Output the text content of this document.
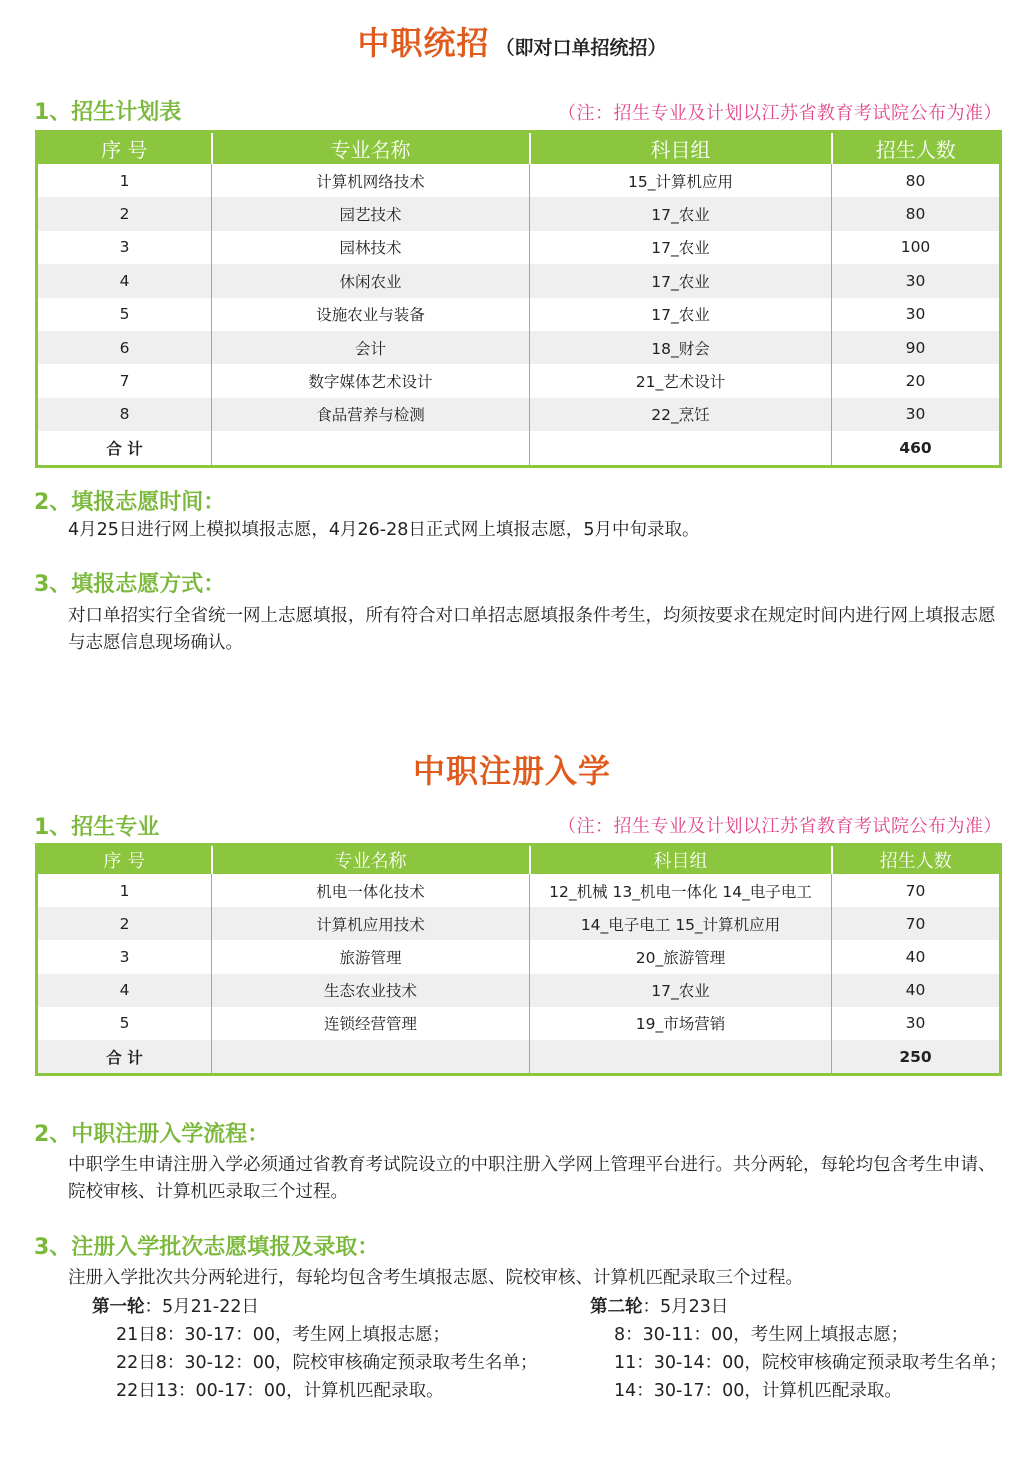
中职统招 （即对口单招统招）
1、招生计划表	（注：招生专业及计划以江苏省教育考试院公布为准）
序 号	专业名称	科目组	招生人数
1	计算机网络技术	15_计算机应用	80
2	园艺技术	17_农业	80
3	园林技术	17_农业	100
4	休闲农业	17_农业	30
5	设施农业与装备	17_农业	30
6	会计	18_财会	90
7	数字媒体艺术设计	21_艺术设计	20
8	食品营养与检测	22_烹饪	30
合 计			460
2、填报志愿时间：
4月25日进行网上模拟填报志愿，4月26-28日正式网上填报志愿，5月中旬录取。
3、填报志愿方式：
对口单招实行全省统一网上志愿填报，所有符合对口单招志愿填报条件考生，均须按要求在规定时间内进行网上填报志愿与志愿信息现场确认。
中职注册入学
1、招生专业	（注：招生专业及计划以江苏省教育考试院公布为准）
序 号	专业名称	科目组	招生人数
1	机电一体化技术	12_机械 13_机电一体化 14_电子电工	70
2	计算机应用技术	14_电子电工 15_计算机应用	70
3	旅游管理	20_旅游管理	40
4	生态农业技术	17_农业	40
5	连锁经营管理	19_市场营销	30
合 计			250
2、中职注册入学流程：
中职学生申请注册入学必须通过省教育考试院设立的中职注册入学网上管理平台进行。共分两轮，每轮均包含考生申请、院校审核、计算机匹录取三个过程。
3、注册入学批次志愿填报及录取：
注册入学批次共分两轮进行，每轮均包含考生填报志愿、院校审核、计算机匹配录取三个过程。
第一轮：5月21-22日
21日8：30-17：00，考生网上填报志愿；
22日8：30-12：00，院校审核确定预录取考生名单；
22日13：00-17：00，计算机匹配录取。
第二轮：5月23日
8：30-11：00，考生网上填报志愿；
11：30-14：00，院校审核确定预录取考生名单；
14：30-17：00，计算机匹配录取。
